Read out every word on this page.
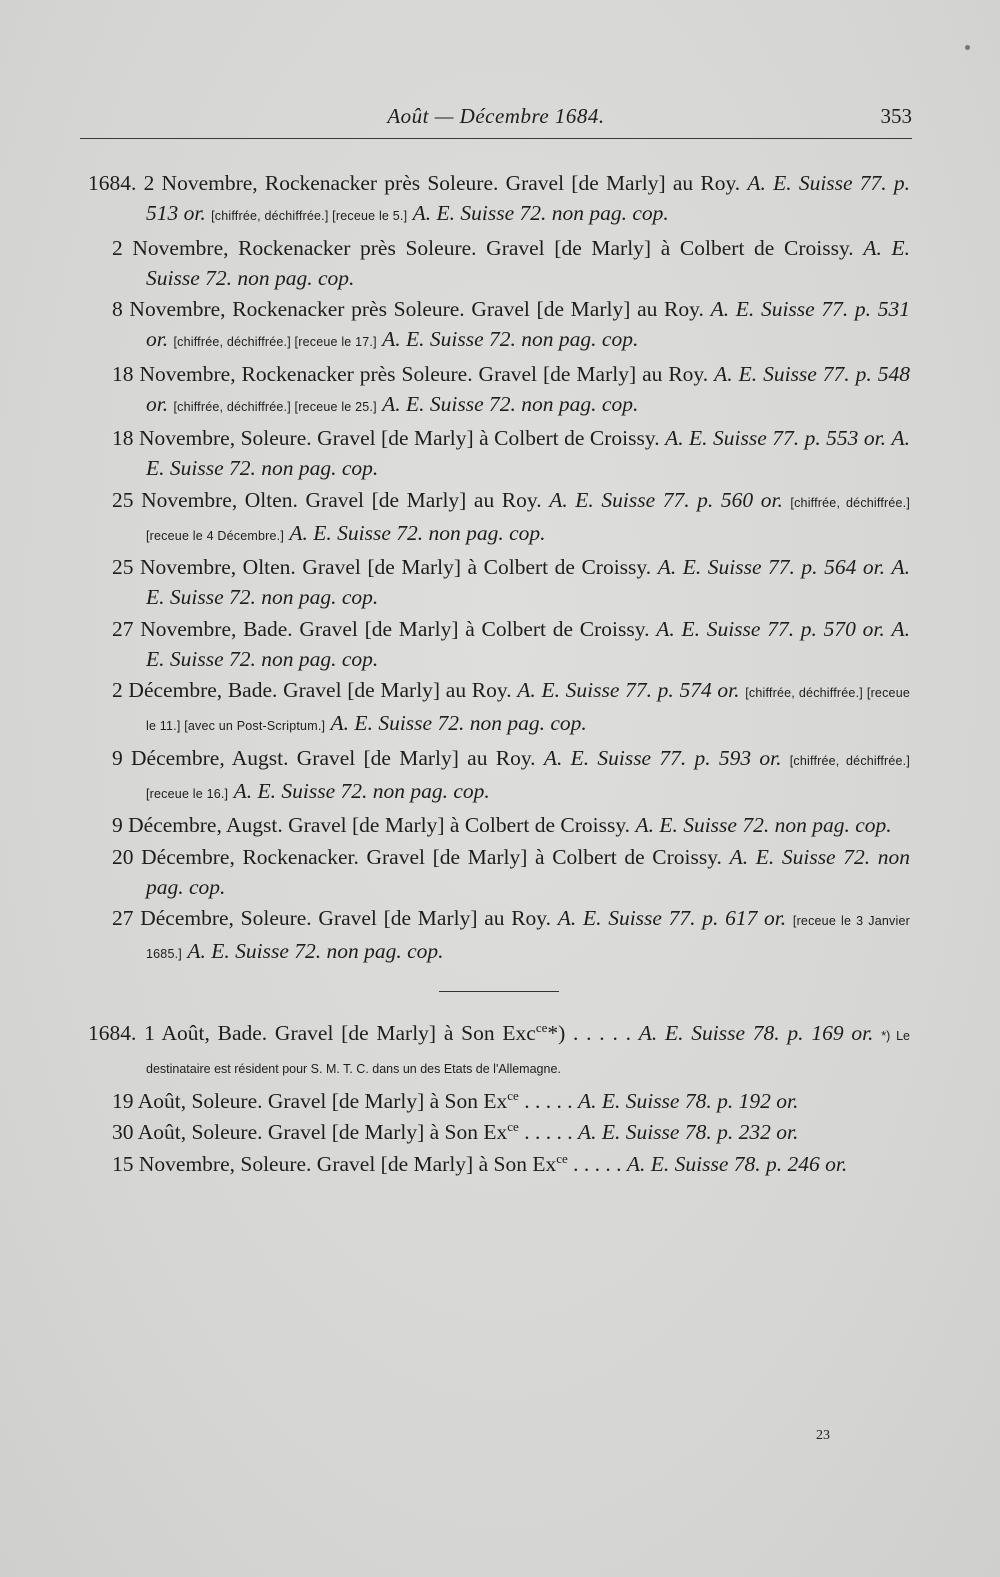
Août — Décembre 1684.	353
1684. 2 Novembre, Rockenacker près Soleure. Gravel [de Marly] au Roy. A. E. Suisse 77. p. 513 or. [chiffrée, déchiffrée.] [receue le 5.] A. E. Suisse 72. non pag. cop.
2 Novembre, Rockenacker près Soleure. Gravel [de Marly] à Colbert de Croissy. A. E. Suisse 72. non pag. cop.
8 Novembre, Rockenacker près Soleure. Gravel [de Marly] au Roy. A. E. Suisse 77. p. 531 or. [chiffrée, déchiffrée.] [receue le 17.] A. E. Suisse 72. non pag. cop.
18 Novembre, Rockenacker près Soleure. Gravel [de Marly] au Roy. A. E. Suisse 77. p. 548 or. [chiffrée, déchiffrée.] [receue le 25.] A. E. Suisse 72. non pag. cop.
18 Novembre, Soleure. Gravel [de Marly] à Colbert de Croissy. A. E. Suisse 77. p. 553 or. A. E. Suisse 72. non pag. cop.
25 Novembre, Olten. Gravel [de Marly] au Roy. A. E. Suisse 77. p. 560 or. [chiffrée, déchiffrée.] [receue le 4 Décembre.] A. E. Suisse 72. non pag. cop.
25 Novembre, Olten. Gravel [de Marly] à Colbert de Croissy. A. E. Suisse 77. p. 564 or. A. E. Suisse 72. non pag. cop.
27 Novembre, Bade. Gravel [de Marly] à Colbert de Croissy. A. E. Suisse 77. p. 570 or. A. E. Suisse 72. non pag. cop.
2 Décembre, Bade. Gravel [de Marly] au Roy. A. E. Suisse 77. p. 574 or. [chiffrée, déchiffrée.] [receue le 11.] [avec un Post-Scriptum.] A. E. Suisse 72. non pag. cop.
9 Décembre, Augst. Gravel [de Marly] au Roy. A. E. Suisse 77. p. 593 or. [chiffrée, déchiffrée.] [receue le 16.] A. E. Suisse 72. non pag. cop.
9 Décembre, Augst. Gravel [de Marly] à Colbert de Croissy. A. E. Suisse 72. non pag. cop.
20 Décembre, Rockenacker. Gravel [de Marly] à Colbert de Croissy. A. E. Suisse 72. non pag. cop.
27 Décembre, Soleure. Gravel [de Marly] au Roy. A. E. Suisse 77. p. 617 or. [receue le 3 Janvier 1685.] A. E. Suisse 72. non pag. cop.
1684. 1 Août, Bade. Gravel [de Marly] à Son Exc$^{ce}$*) . . . . . A. E. Suisse 78. p. 169 or. *) Le destinataire est résident pour S. M. T. C. dans un des Etats de l'Allemagne.
19 Août, Soleure. Gravel [de Marly] à Son $Ex^{ce}$ . . . . . A. E. Suisse 78. p. 192 or.
30 Août, Soleure. Gravel [de Marly] à Son $Ex^{ce}$ . . . . . A. E. Suisse 78. p. 232 or.
15 Novembre, Soleure. Gravel [de Marly] à Son $Ex^{ce}$ . . . . . A. E. Suisse 78. p. 246 or.
23
